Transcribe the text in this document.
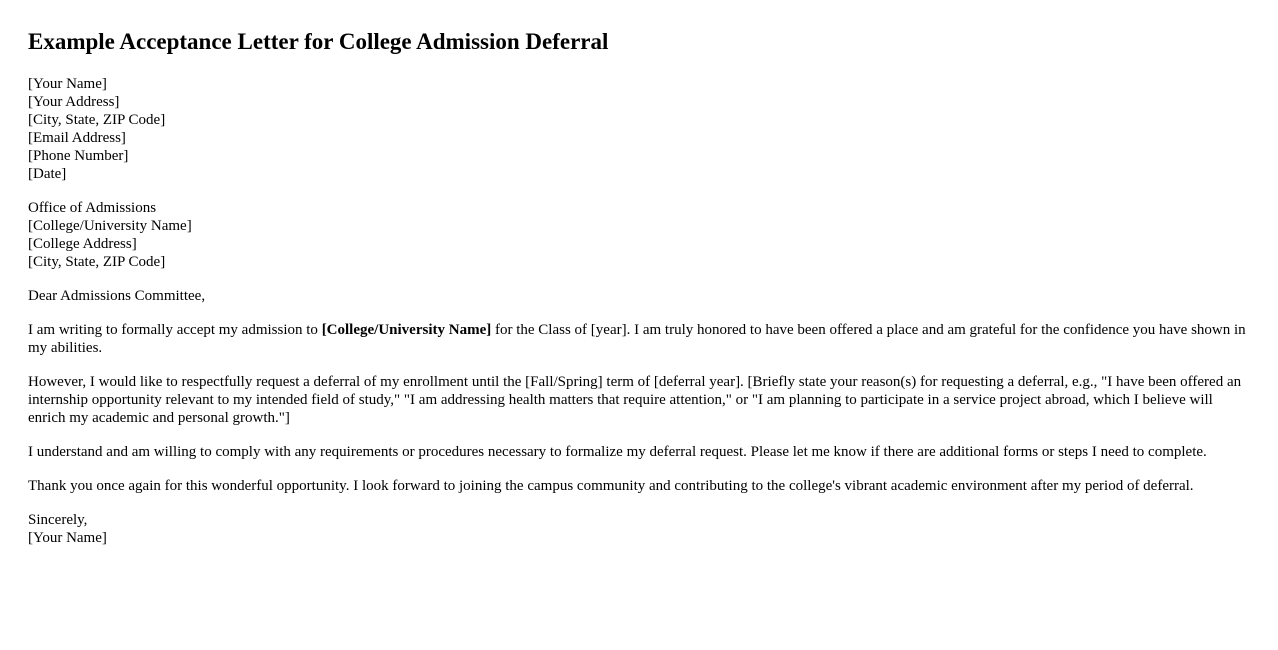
Example Acceptance Letter for College Admission Deferral
[Your Name]
[Your Address]
[City, State, ZIP Code]
[Email Address]
[Phone Number]
[Date]
Office of Admissions
[College/University Name]
[College Address]
[City, State, ZIP Code]

Dear Admissions Committee,

I am writing to formally accept my admission to [College/University Name] for the Class of [year]. I am truly honored to have been offered a place and am grateful for the confidence you have shown in my abilities.

However, I would like to respectfully request a deferral of my enrollment until the [Fall/Spring] term of [deferral year]. [Briefly state your reason(s) for requesting a deferral, e.g., "I have been offered an internship opportunity relevant to my intended field of study," "I am addressing health matters that require attention," or "I am planning to participate in a service project abroad, which I believe will enrich my academic and personal growth."]

I understand and am willing to comply with any requirements or procedures necessary to formalize my deferral request. Please let me know if there are additional forms or steps I need to complete.

Thank you once again for this wonderful opportunity. I look forward to joining the campus community and contributing to the college's vibrant academic environment after my period of deferral.

Sincerely,
[Your Name]
